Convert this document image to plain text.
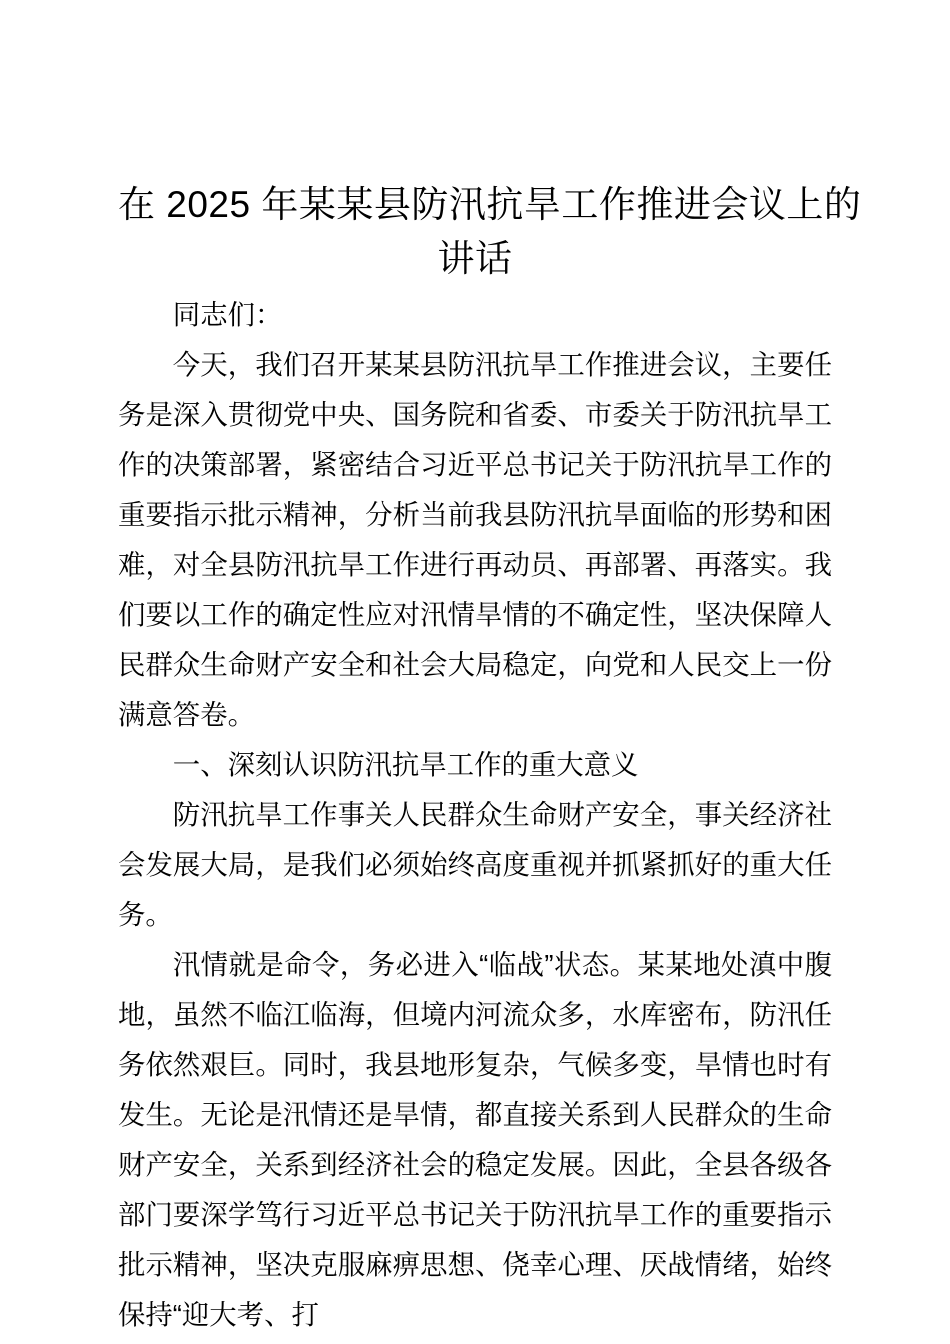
在 2025 年某某县防汛抗旱工作推进会议上的
讲话

同志们：

今天，我们召开某某县防汛抗旱工作推进会议，主要任务是深入贯彻党中央、国务院和省委、市委关于防汛抗旱工作的决策部署，紧密结合习近平总书记关于防汛抗旱工作的重要指示批示精神，分析当前我县防汛抗旱面临的形势和困难，对全县防汛抗旱工作进行再动员、再部署、再落实。我们要以工作的确定性应对汛情旱情的不确定性，坚决保障人民群众生命财产安全和社会大局稳定，向党和人民交上一份满意答卷。

一、深刻认识防汛抗旱工作的重大意义

防汛抗旱工作事关人民群众生命财产安全，事关经济社会发展大局，是我们必须始终高度重视并抓紧抓好的重大任务。

汛情就是命令，务必进入“临战”状态。某某地处滇中腹地，虽然不临江临海，但境内河流众多，水库密布，防汛任务依然艰巨。同时，我县地形复杂，气候多变，旱情也时有发生。无论是汛情还是旱情，都直接关系到人民群众的生命财产安全，关系到经济社会的稳定发展。因此，全县各级各部门要深学笃行习近平总书记关于防汛抗旱工作的重要指示批示精神，坚决克服麻痹思想、侥幸心理、厌战情绪，始终保持“迎大考、打
